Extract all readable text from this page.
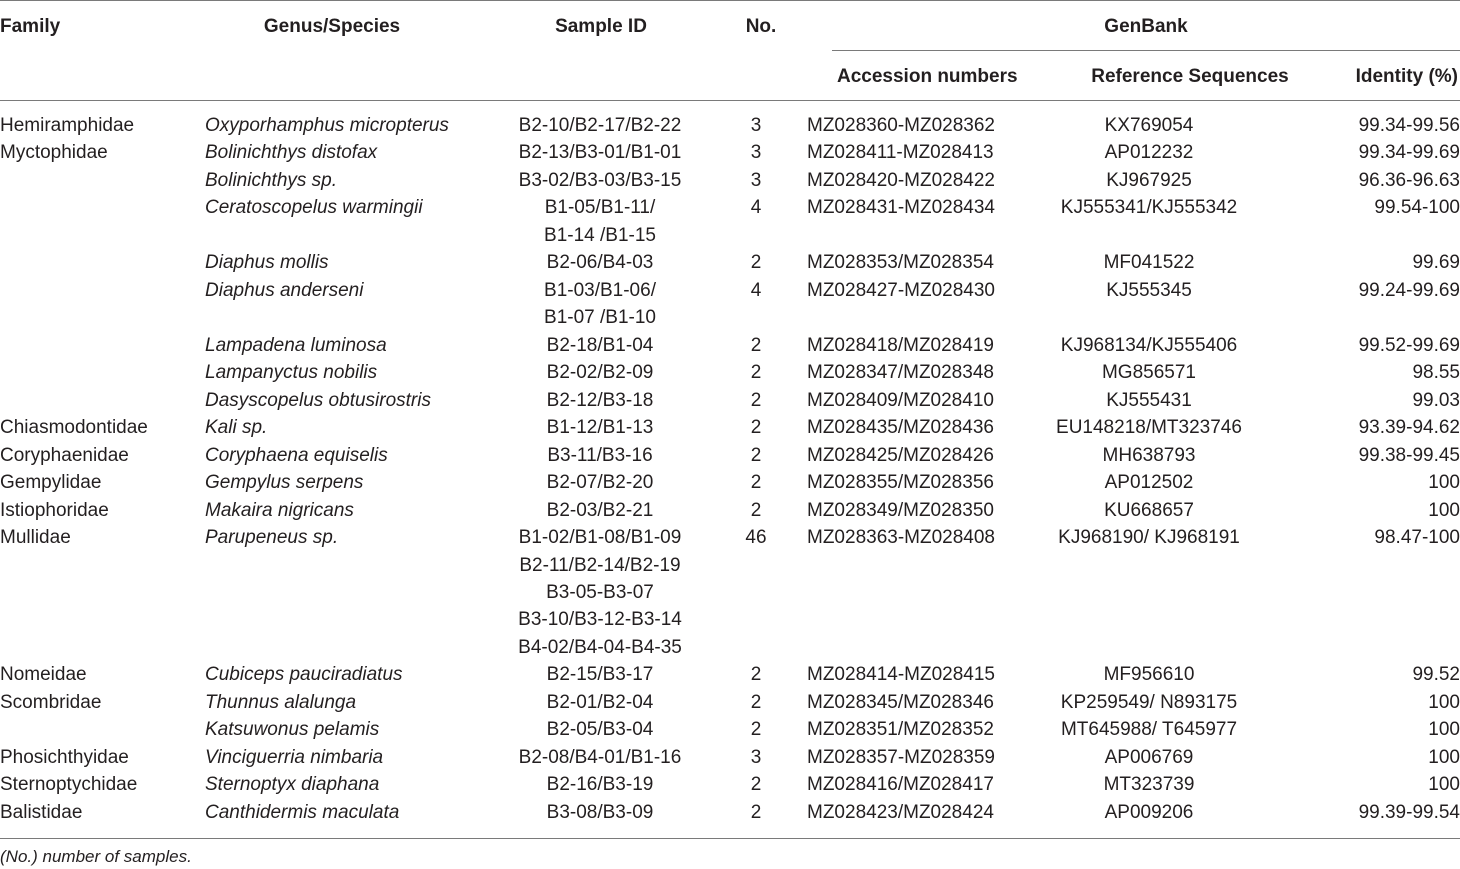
Family	Genus/Species	Sample ID	No.	GenBank
Accession numbers	Reference Sequences	Identity (%)
Hemiramphidae	Oxyporhamphus micropterus	B2-10/B2-17/B2-22	3	MZ028360-MZ028362	KX769054	99.34-99.56
Myctophidae	Bolinichthys distofax	B2-13/B3-01/B1-01	3	MZ028411-MZ028413	AP012232	99.34-99.69
	Bolinichthys sp.	B3-02/B3-03/B3-15	3	MZ028420-MZ028422	KJ967925	96.36-96.63
	Ceratoscopelus warmingii	B1-05/B1-11/	4	MZ028431-MZ028434	KJ555341/KJ555342	99.54-100
		B1-14 /B1-15				
	Diaphus mollis	B2-06/B4-03	2	MZ028353/MZ028354	MF041522	99.69
	Diaphus anderseni	B1-03/B1-06/	4	MZ028427-MZ028430	KJ555345	99.24-99.69
		B1-07 /B1-10				
	Lampadena luminosa	B2-18/B1-04	2	MZ028418/MZ028419	KJ968134/KJ555406	99.52-99.69
	Lampanyctus nobilis	B2-02/B2-09	2	MZ028347/MZ028348	MG856571	98.55
	Dasyscopelus obtusirostris	B2-12/B3-18	2	MZ028409/MZ028410	KJ555431	99.03
Chiasmodontidae	Kali sp.	B1-12/B1-13	2	MZ028435/MZ028436	EU148218/MT323746	93.39-94.62
Coryphaenidae	Coryphaena equiselis	B3-11/B3-16	2	MZ028425/MZ028426	MH638793	99.38-99.45
Gempylidae	Gempylus serpens	B2-07/B2-20	2	MZ028355/MZ028356	AP012502	100
Istiophoridae	Makaira nigricans	B2-03/B2-21	2	MZ028349/MZ028350	KU668657	100
Mullidae	Parupeneus sp.	B1-02/B1-08/B1-09	46	MZ028363-MZ028408	KJ968190/ KJ968191	98.47-100
		B2-11/B2-14/B2-19				
		B3-05-B3-07				
		B3-10/B3-12-B3-14				
		B4-02/B4-04-B4-35				
Nomeidae	Cubiceps pauciradiatus	B2-15/B3-17	2	MZ028414-MZ028415	MF956610	99.52
Scombridae	Thunnus alalunga	B2-01/B2-04	2	MZ028345/MZ028346	KP259549/ N893175	100
	Katsuwonus pelamis	B2-05/B3-04	2	MZ028351/MZ028352	MT645988/ T645977	100
Phosichthyidae	Vinciguerria nimbaria	B2-08/B4-01/B1-16	3	MZ028357-MZ028359	AP006769	100
Sternoptychidae	Sternoptyx diaphana	B2-16/B3-19	2	MZ028416/MZ028417	MT323739	100
Balistidae	Canthidermis maculata	B3-08/B3-09	2	MZ028423/MZ028424	AP009206	99.39-99.54
(No.) number of samples.
